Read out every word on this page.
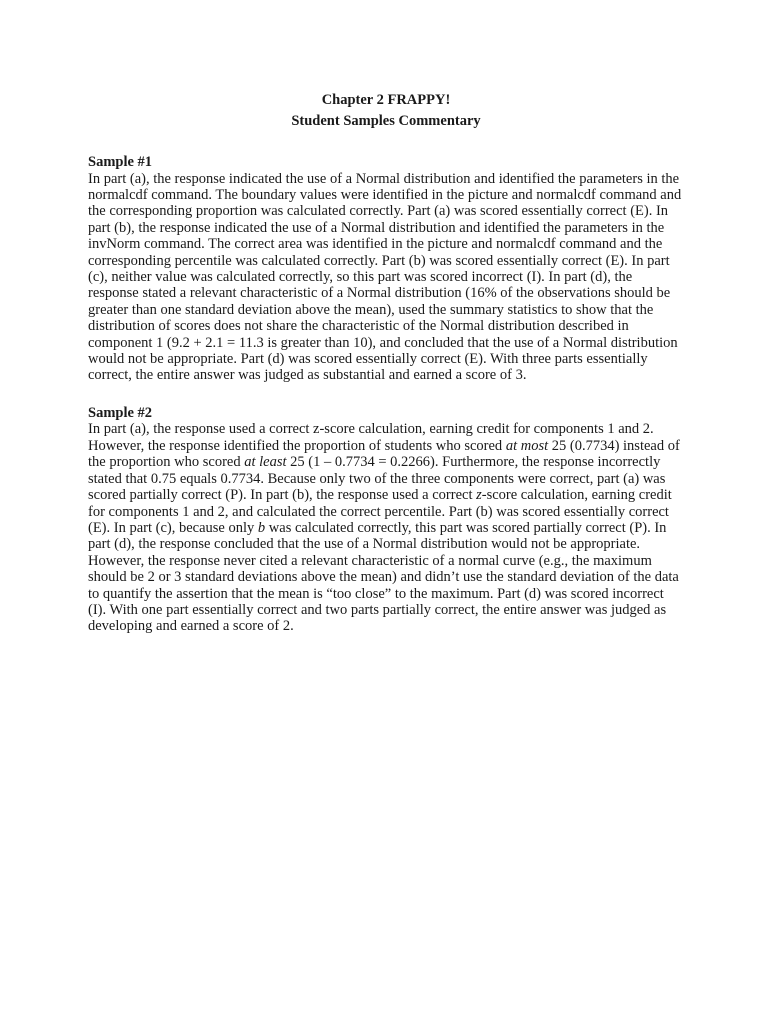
Chapter 2 FRAPPY!
Student Samples Commentary

Sample #1

In part (a), the response indicated the use of a Normal distribution and identified the parameters in the normalcdf command. The boundary values were identified in the picture and normalcdf command and the corresponding proportion was calculated correctly. Part (a) was scored essentially correct (E). In part (b), the response indicated the use of a Normal distribution and identified the parameters in the invNorm command. The correct area was identified in the picture and normalcdf command and the corresponding percentile was calculated correctly. Part (b) was scored essentially correct (E). In part (c), neither value was calculated correctly, so this part was scored incorrect (I). In part (d), the response stated a relevant characteristic of a Normal distribution (16% of the observations should be greater than one standard deviation above the mean), used the summary statistics to show that the distribution of scores does not share the characteristic of the Normal distribution described in component 1 (9.2 + 2.1 = 11.3 is greater than 10), and concluded that the use of a Normal distribution would not be appropriate. Part (d) was scored essentially correct (E). With three parts essentially correct, the entire answer was judged as substantial and earned a score of 3.

Sample #2

In part (a), the response used a correct z-score calculation, earning credit for components 1 and 2. However, the response identified the proportion of students who scored at most 25 (0.7734) instead of the proportion who scored at least 25 (1 – 0.7734 = 0.2266). Furthermore, the response incorrectly stated that 0.75 equals 0.7734. Because only two of the three components were correct, part (a) was scored partially correct (P). In part (b), the response used a correct z-score calculation, earning credit for components 1 and 2, and calculated the correct percentile. Part (b) was scored essentially correct (E). In part (c), because only b was calculated correctly, this part was scored partially correct (P). In part (d), the response concluded that the use of a Normal distribution would not be appropriate. However, the response never cited a relevant characteristic of a normal curve (e.g., the maximum should be 2 or 3 standard deviations above the mean) and didn’t use the standard deviation of the data to quantify the assertion that the mean is “too close” to the maximum. Part (d) was scored incorrect (I). With one part essentially correct and two parts partially correct, the entire answer was judged as developing and earned a score of 2.
